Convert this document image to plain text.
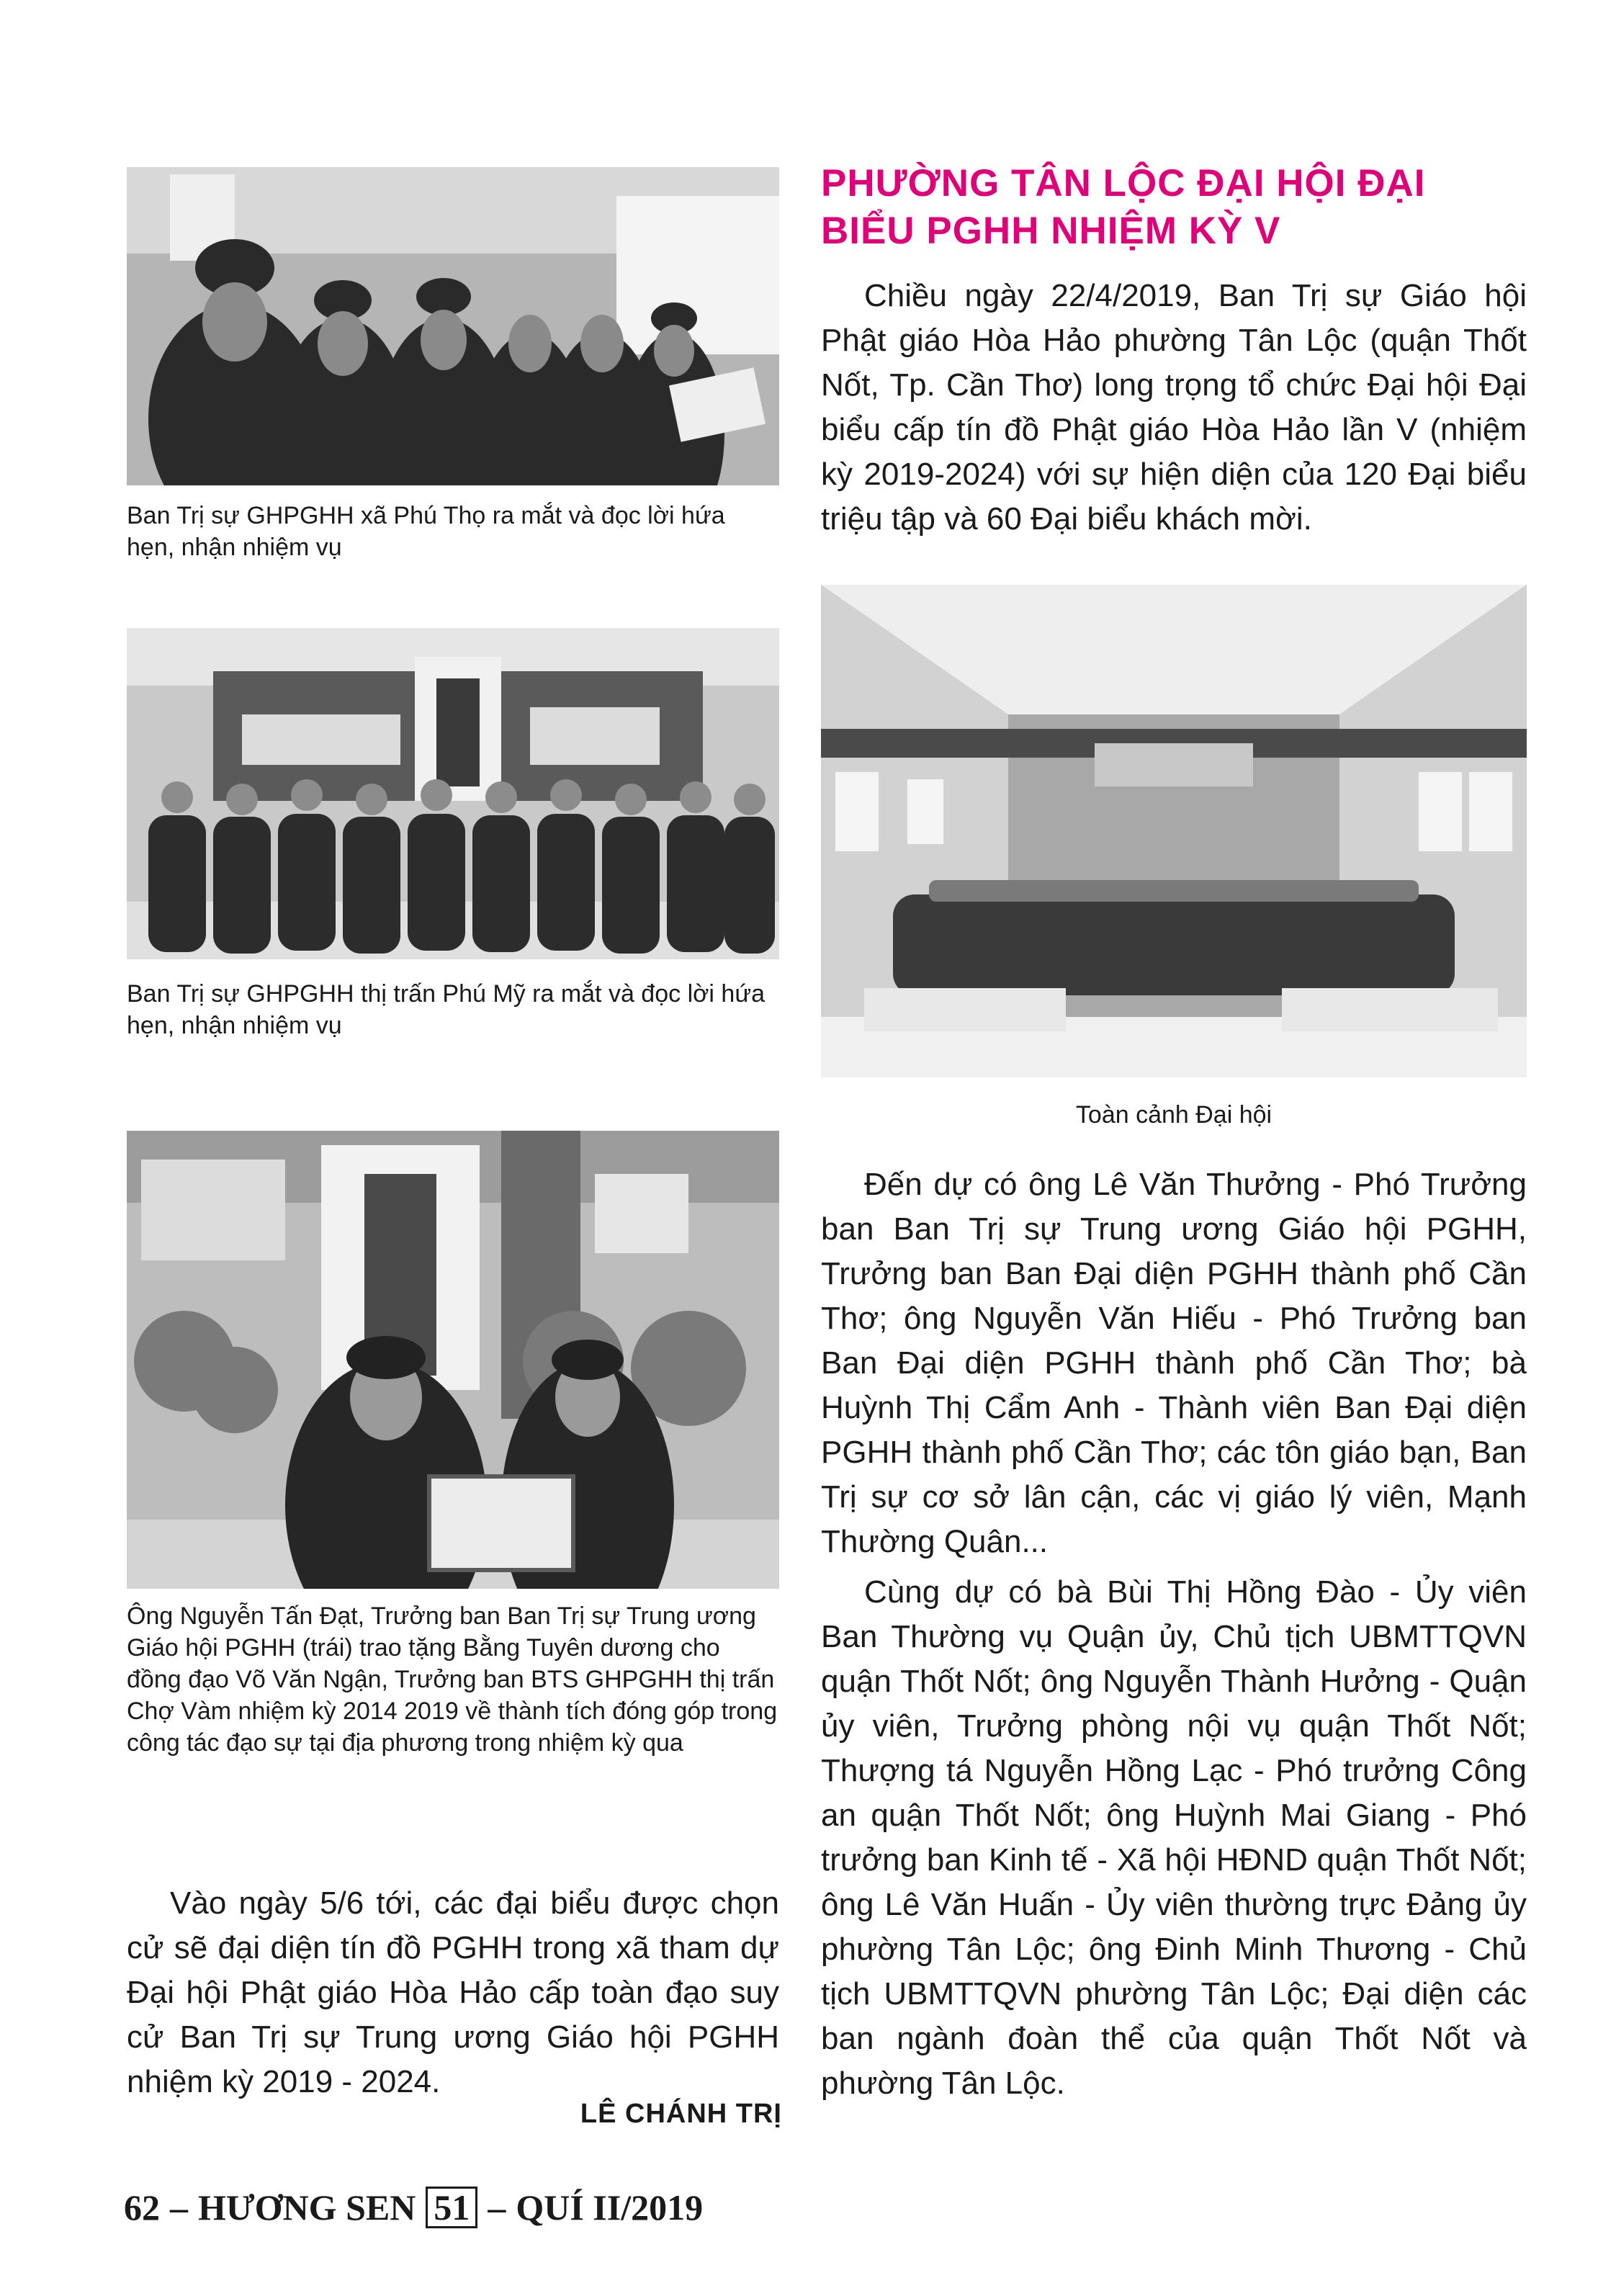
Ban Trị sự GHPGHH xã Phú Thọ ra mắt và đọc lời hứa hẹn, nhận nhiệm vụ
Ban Trị sự GHPGHH thị trấn Phú Mỹ ra mắt và đọc lời hứa hẹn, nhận nhiệm vụ
Ông Nguyễn Tấn Đạt, Trưởng ban Ban Trị sự Trung ương Giáo hội PGHH (trái) trao tặng Bằng Tuyên dương cho đồng đạo Võ Văn Ngận, Trưởng ban BTS GHPGHH thị trấn Chợ Vàm nhiệm kỳ 2014 2019 về thành tích đóng góp trong công tác đạo sự tại địa phương trong nhiệm kỳ qua

Vào ngày 5/6 tới, các đại biểu được chọn cử sẽ đại diện tín đồ PGHH trong xã tham dự Đại hội Phật giáo Hòa Hảo cấp toàn đạo suy cử Ban Trị sự Trung ương Giáo hội PGHH nhiệm kỳ 2019 - 2024.

LÊ CHÁNH TRỊ
PHƯỜNG TÂN LỘC ĐẠI HỘI ĐẠI BIỂU PGHH NHIỆM KỲ V

Chiều ngày 22/4/2019, Ban Trị sự Giáo hội Phật giáo Hòa Hảo phường Tân Lộc (quận Thốt Nốt, Tp. Cần Thơ) long trọng tổ chức Đại hội Đại biểu cấp tín đồ Phật giáo Hòa Hảo lần V (nhiệm kỳ 2019-2024) với sự hiện diện của 120 Đại biểu triệu tập và 60 Đại biểu khách mời.

Toàn cảnh Đại hội

Đến dự có ông Lê Văn Thưởng - Phó Trưởng ban Ban Trị sự Trung ương Giáo hội PGHH, Trưởng ban Ban Đại diện PGHH thành phố Cần Thơ; ông Nguyễn Văn Hiếu - Phó Trưởng ban Ban Đại diện PGHH thành phố Cần Thơ; bà Huỳnh Thị Cẩm Anh - Thành viên Ban Đại diện PGHH thành phố Cần Thơ; các tôn giáo bạn, Ban Trị sự cơ sở lân cận, các vị giáo lý viên, Mạnh Thường Quân...

Cùng dự có bà Bùi Thị Hồng Đào - Ủy viên Ban Thường vụ Quận ủy, Chủ tịch UBMTTQVN quận Thốt Nốt; ông Nguyễn Thành Hưởng - Quận ủy viên, Trưởng phòng nội vụ quận Thốt Nốt; Thượng tá Nguyễn Hồng Lạc - Phó trưởng Công an quận Thốt Nốt; ông Huỳnh Mai Giang - Phó trưởng ban Kinh tế - Xã hội HĐND quận Thốt Nốt; ông Lê Văn Huấn - Ủy viên thường trực Đảng ủy phường Tân Lộc; ông Đinh Minh Thương - Chủ tịch UBMTTQVN phường Tân Lộc; Đại diện các ban ngành đoàn thể của quận Thốt Nốt và phường Tân Lộc.

62 – HƯƠNG SEN 51 – QUÍ II/2019
